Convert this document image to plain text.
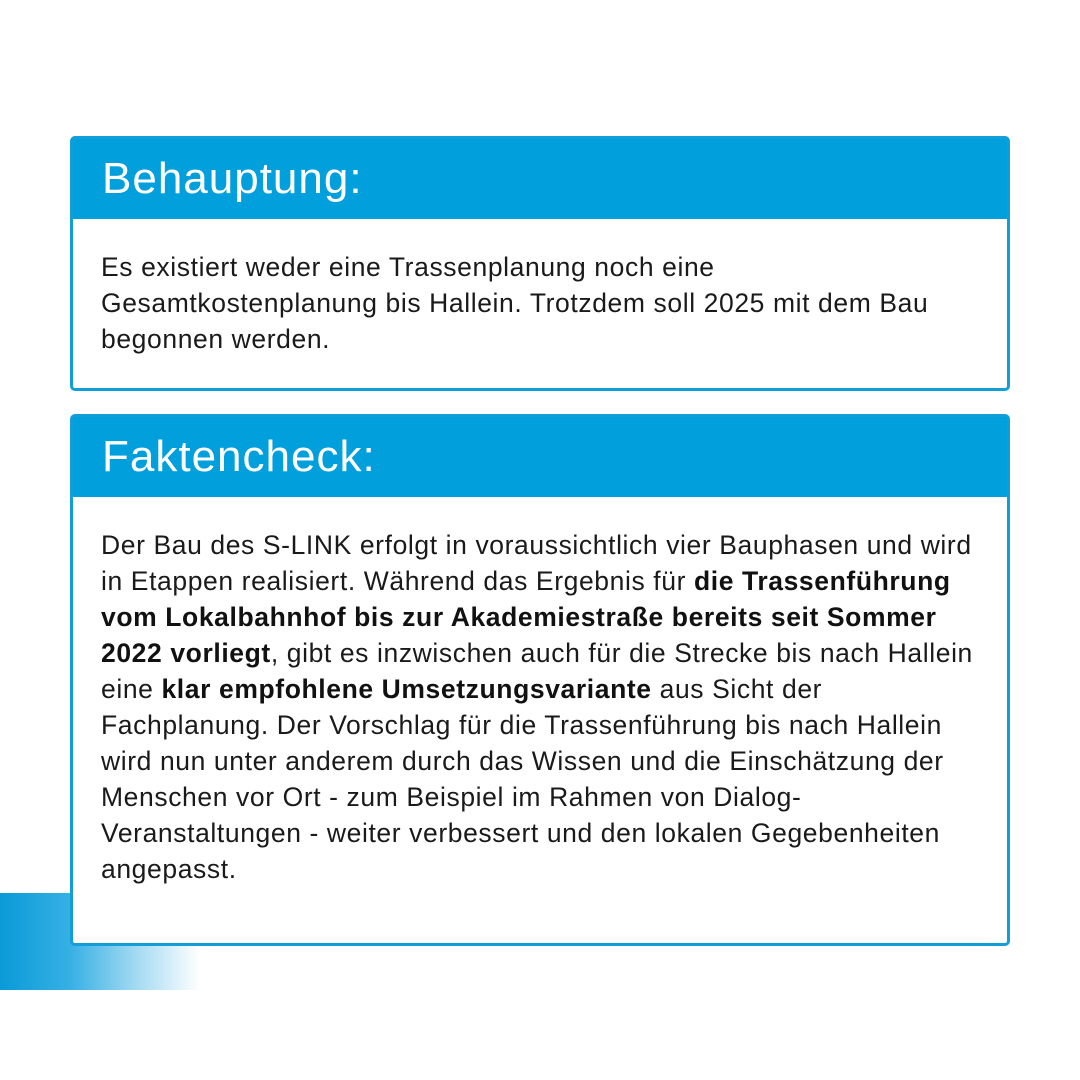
Behauptung:
Es existiert weder eine Trassenplanung noch eine Gesamtkostenplanung bis Hallein. Trotzdem soll 2025 mit dem Bau begonnen werden.
Faktencheck:
Der Bau des S-LINK erfolgt in voraussichtlich vier Bauphasen und wird in Etappen realisiert. Während das Ergebnis für die Trassenführung vom Lokalbahnhof bis zur Akademiestraße bereits seit Sommer 2022 vorliegt, gibt es inzwischen auch für die Strecke bis nach Hallein eine klar empfohlene Umsetzungsvariante aus Sicht der Fachplanung. Der Vorschlag für die Trassenführung bis nach Hallein wird nun unter anderem durch das Wissen und die Einschätzung der Menschen vor Ort - zum Beispiel im Rahmen von Dialog-Veranstaltungen - weiter verbessert und den lokalen Gegebenheiten angepasst.
